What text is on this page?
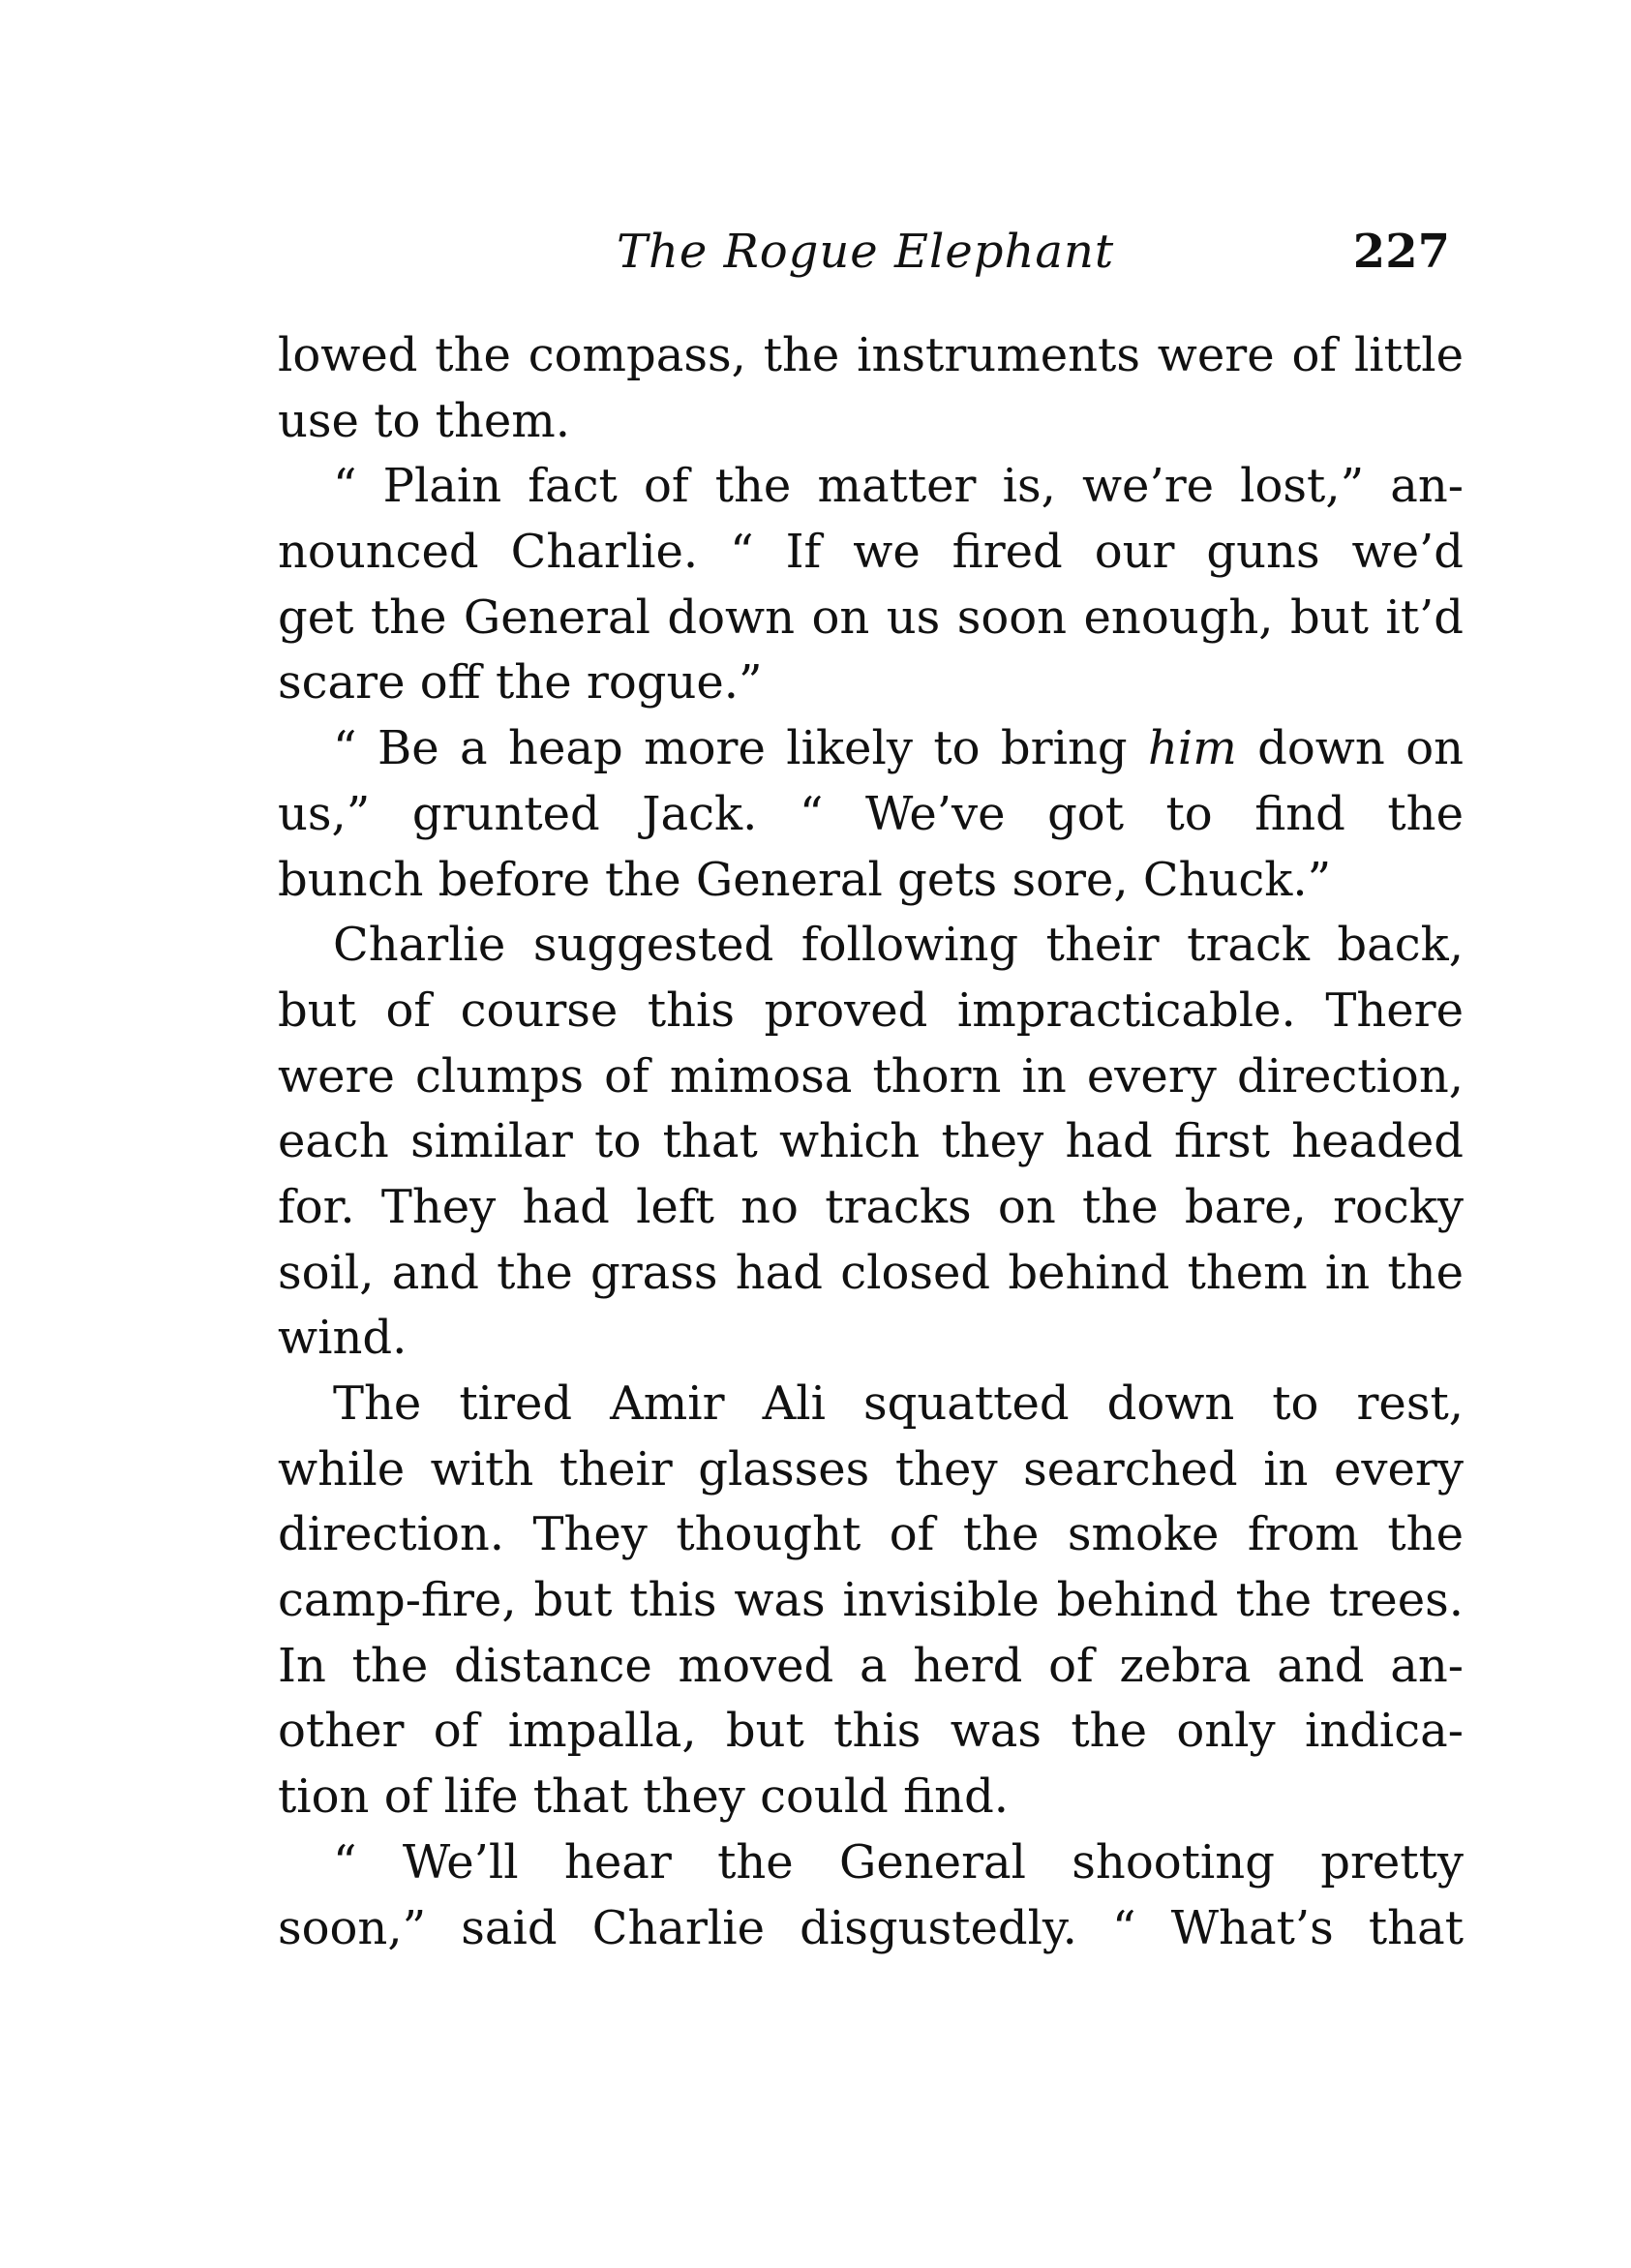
The Rogue Elephant	227
lowed the compass, the instruments were of little
use to them.
“ Plain fact of the matter is, we’re lost,” an-
nounced Charlie. “ If we fired our guns we’d
get the General down on us soon enough, but it’d
scare off the rogue.”
“ Be a heap more likely to bring him down on
us,” grunted Jack. “ We’ve got to find the
bunch before the General gets sore, Chuck.”
Charlie suggested following their track back,
but of course this proved impracticable. There
were clumps of mimosa thorn in every direction,
each similar to that which they had first headed
for. They had left no tracks on the bare, rocky
soil, and the grass had closed behind them in the
wind.
The tired Amir Ali squatted down to rest,
while with their glasses they searched in every
direction. They thought of the smoke from the
camp-fire, but this was invisible behind the trees.
In the distance moved a herd of zebra and an-
other of impalla, but this was the only indica-
tion of life that they could find.
“ We’ll hear the General shooting pretty
soon,” said Charlie disgustedly. “ What’s that
